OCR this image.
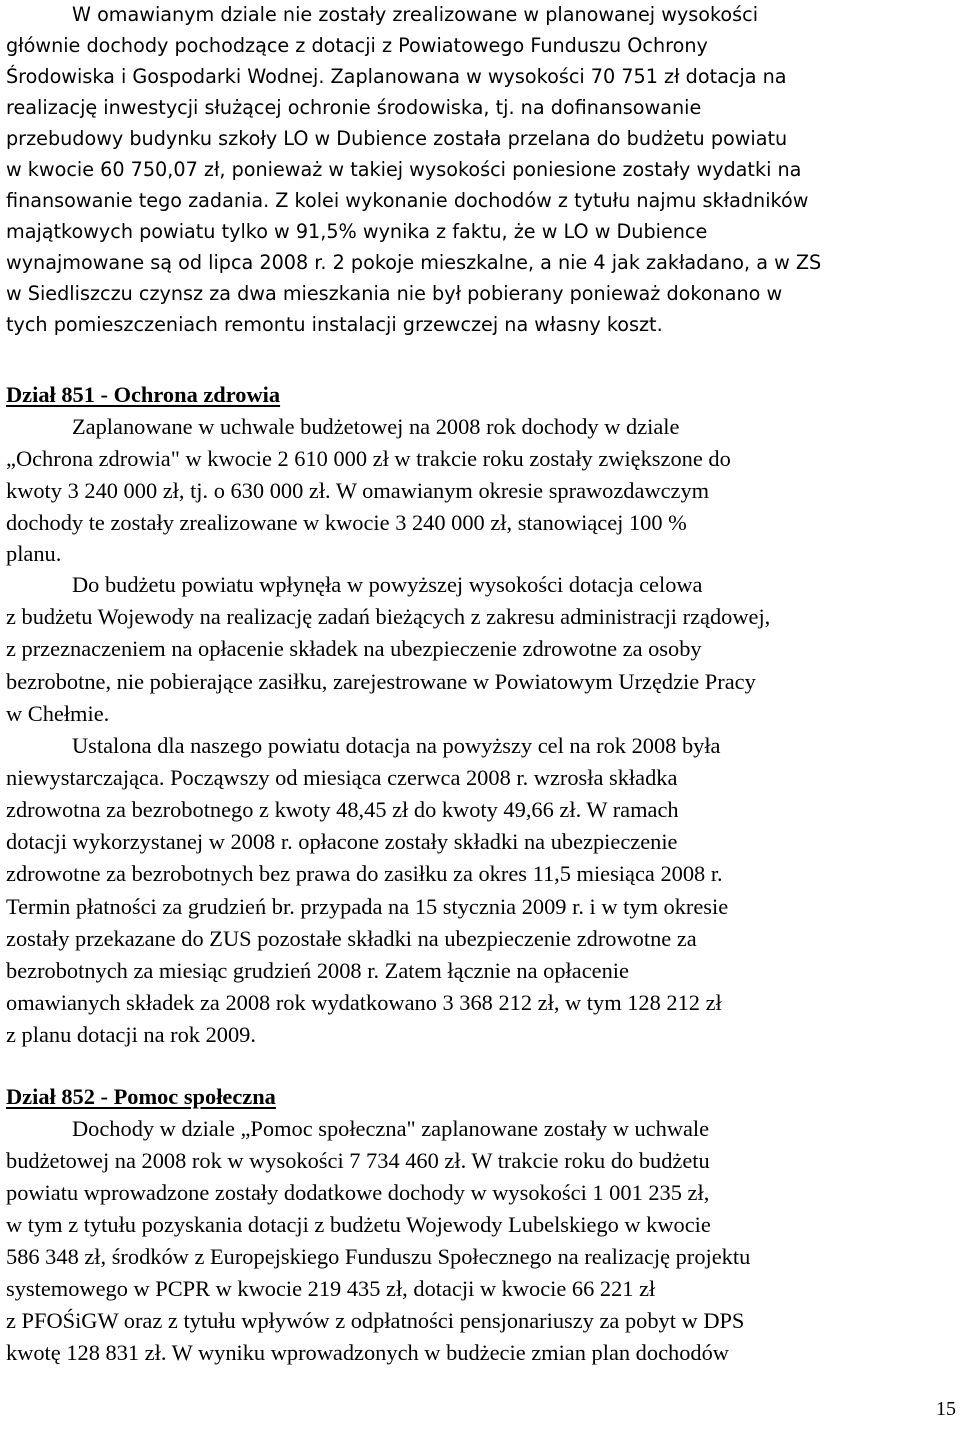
W omawianym dziale nie zostały zrealizowane w planowanej wysokości
głównie dochody pochodzące z dotacji z Powiatowego Funduszu Ochrony
Środowiska i Gospodarki Wodnej. Zaplanowana w wysokości 70 751 zł dotacja na
realizację inwestycji służącej ochronie środowiska, tj. na dofinansowanie
przebudowy budynku szkoły LO w Dubience została przelana do budżetu powiatu
w kwocie 60 750,07 zł, ponieważ w takiej wysokości poniesione zostały wydatki na
finansowanie tego zadania. Z kolei wykonanie dochodów z tytułu najmu składników
majątkowych powiatu tylko w 91,5% wynika z faktu, że w LO w Dubience
wynajmowane są od lipca 2008 r. 2 pokoje mieszkalne, a nie 4 jak zakładano, a w ZS
w Siedliszczu czynsz za dwa mieszkania nie był pobierany ponieważ dokonano w
tych pomieszczeniach remontu instalacji grzewczej na własny koszt.
Dział 851 - Ochrona zdrowia
Zaplanowane w uchwale budżetowej na 2008 rok dochody w dziale
„Ochrona zdrowia" w kwocie 2 610 000 zł w trakcie roku zostały zwiększone do
kwoty 3 240 000 zł, tj. o 630 000 zł. W omawianym okresie sprawozdawczym
dochody te zostały zrealizowane w kwocie 3 240 000 zł, stanowiącej 100 %
planu.
Do budżetu powiatu wpłynęła w powyższej wysokości dotacja celowa
z budżetu Wojewody na realizację zadań bieżących z zakresu administracji rządowej,
z przeznaczeniem na opłacenie składek na ubezpieczenie zdrowotne za osoby
bezrobotne, nie pobierające zasiłku, zarejestrowane w Powiatowym Urzędzie Pracy
w Chełmie.
Ustalona dla naszego powiatu dotacja na powyższy cel na rok 2008 była
niewystarczająca. Począwszy od miesiąca czerwca 2008 r. wzrosła składka
zdrowotna za bezrobotnego z kwoty 48,45 zł do kwoty 49,66 zł. W ramach
dotacji wykorzystanej w 2008 r. opłacone zostały składki na ubezpieczenie
zdrowotne za bezrobotnych bez prawa do zasiłku za okres 11,5 miesiąca 2008 r.
Termin płatności za grudzień br. przypada na 15 stycznia 2009 r. i w tym okresie
zostały przekazane do ZUS pozostałe składki na ubezpieczenie zdrowotne za
bezrobotnych za miesiąc grudzień 2008 r. Zatem łącznie na opłacenie
omawianych składek za 2008 rok wydatkowano 3 368 212 zł, w tym 128 212 zł
z planu dotacji na rok 2009.
Dział 852 - Pomoc społeczna
Dochody w dziale „Pomoc społeczna" zaplanowane zostały w uchwale
budżetowej na 2008 rok w wysokości 7 734 460 zł. W trakcie roku do budżetu
powiatu wprowadzone zostały dodatkowe dochody w wysokości 1 001 235 zł,
w tym z tytułu pozyskania dotacji z budżetu Wojewody Lubelskiego w kwocie
586 348 zł, środków z Europejskiego Funduszu Społecznego na realizację projektu
systemowego w PCPR w kwocie 219 435 zł, dotacji w kwocie 66 221 zł
z PFOŚiGW oraz z tytułu wpływów z odpłatności pensjonariuszy za pobyt w DPS
kwotę 128 831 zł. W wyniku wprowadzonych w budżecie zmian plan dochodów
15
